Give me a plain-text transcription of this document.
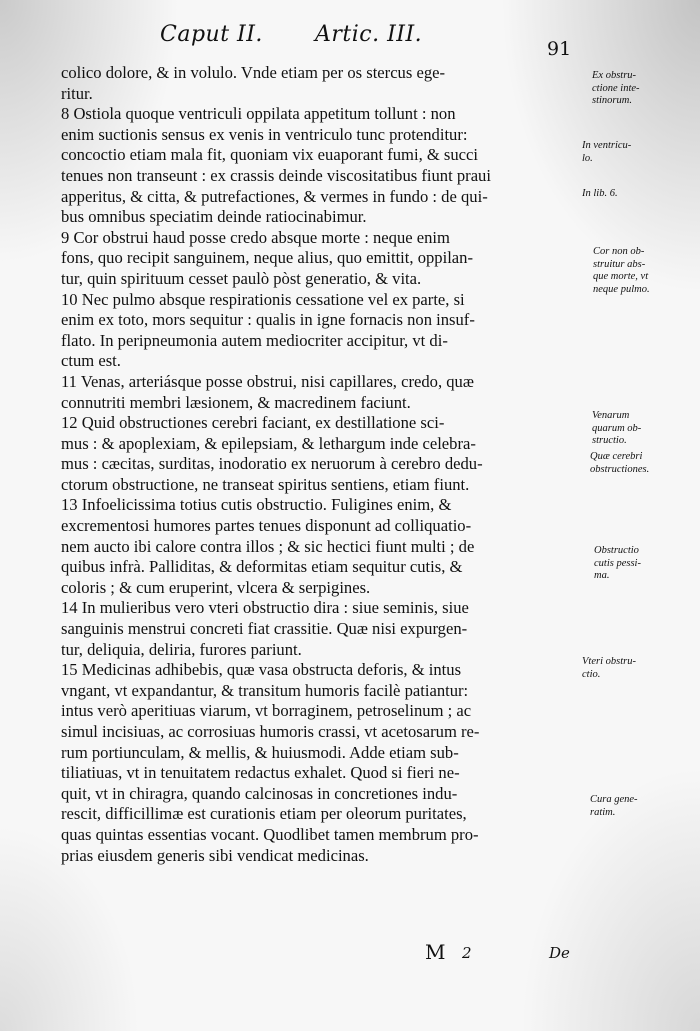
Caput II. Artic. III.
91
colico dolore, & in volulo. Vnde etiam per os stercus ege-
ritur.
8 Ostiola quoque ventriculi oppilata appetitum tollunt : non
enim suctionis sensus ex venis in ventriculo tunc protenditur:
concoctio etiam mala fit, quoniam vix euaporant fumi, & succi
tenues non transeunt : ex crassis deinde viscositatibus fiunt praui
apperitus, & citta, & putrefactiones, & vermes in fundo : de qui-
bus omnibus speciatim deinde ratiocinabimur.
9 Cor obstrui haud posse credo absque morte : neque enim
fons, quo recipit sanguinem, neque alius, quo emittit, oppilan-
tur, quin spirituum cesset paulò pòst generatio, & vita.
10 Nec pulmo absque respirationis cessatione vel ex parte, si
enim ex toto, mors sequitur : qualis in igne fornacis non insuf-
flato. In peripneumonia autem mediocriter accipitur, vt di-
ctum est.
11 Venas, arteriásque posse obstrui, nisi capillares, credo, quæ
connutriti membri læsionem, & macredinem faciunt.
12 Quid obstructiones cerebri faciant, ex destillatione sci-
mus : & apoplexiam, & epilepsiam, & lethargum inde celebra-
mus : cæcitas, surditas, inodoratio ex neruorum à cerebro dedu-
ctorum obstructione, ne transeat spiritus sentiens, etiam fiunt.
13 Infoelicissima totius cutis obstructio. Fuligines enim, &
excrementosi humores partes tenues disponunt ad colliquatio-
nem aucto ibi calore contra illos ; & sic hectici fiunt multi ; de
quibus infrà. Palliditas, & deformitas etiam sequitur cutis, &
coloris ; & cum eruperint, vlcera & serpigines.
14 In mulieribus vero vteri obstructio dira : siue seminis, siue
sanguinis menstrui concreti fiat crassitie. Quæ nisi expurgen-
tur, deliquia, deliria, furores pariunt.
15 Medicinas adhibebis, quæ vasa obstructa deforis, & intus
vngant, vt expandantur, & transitum humoris facilè patiantur:
intus verò aperitiuas viarum, vt borraginem, petroselinum ; ac
simul incisiuas, ac corrosiuas humoris crassi, vt acetosarum re-
rum portiunculam, & mellis, & huiusmodi. Adde etiam sub-
tiliatiuas, vt in tenuitatem redactus exhalet. Quod si fieri ne-
quit, vt in chiragra, quando calcinosas in concretiones indu-
rescit, difficillimæ est curationis etiam per oleorum puritates,
quas quintas essentias vocant. Quodlibet tamen membrum pro-
prias eiusdem generis sibi vendicat medicinas.
Ex obstru-
ctione inte-
stinorum.
In ventricu-
lo.
In lib. 6.
Cor non ob-
struitur abs-
que morte, vt
neque pulmo.
Venarum
quarum ob-
structio.
Quæ cerebri
obstructiones.
Obstructio
cutis pessi-
ma.
Vteri obstru-
ctio.
Cura gene-
ratim.
M 2	De
